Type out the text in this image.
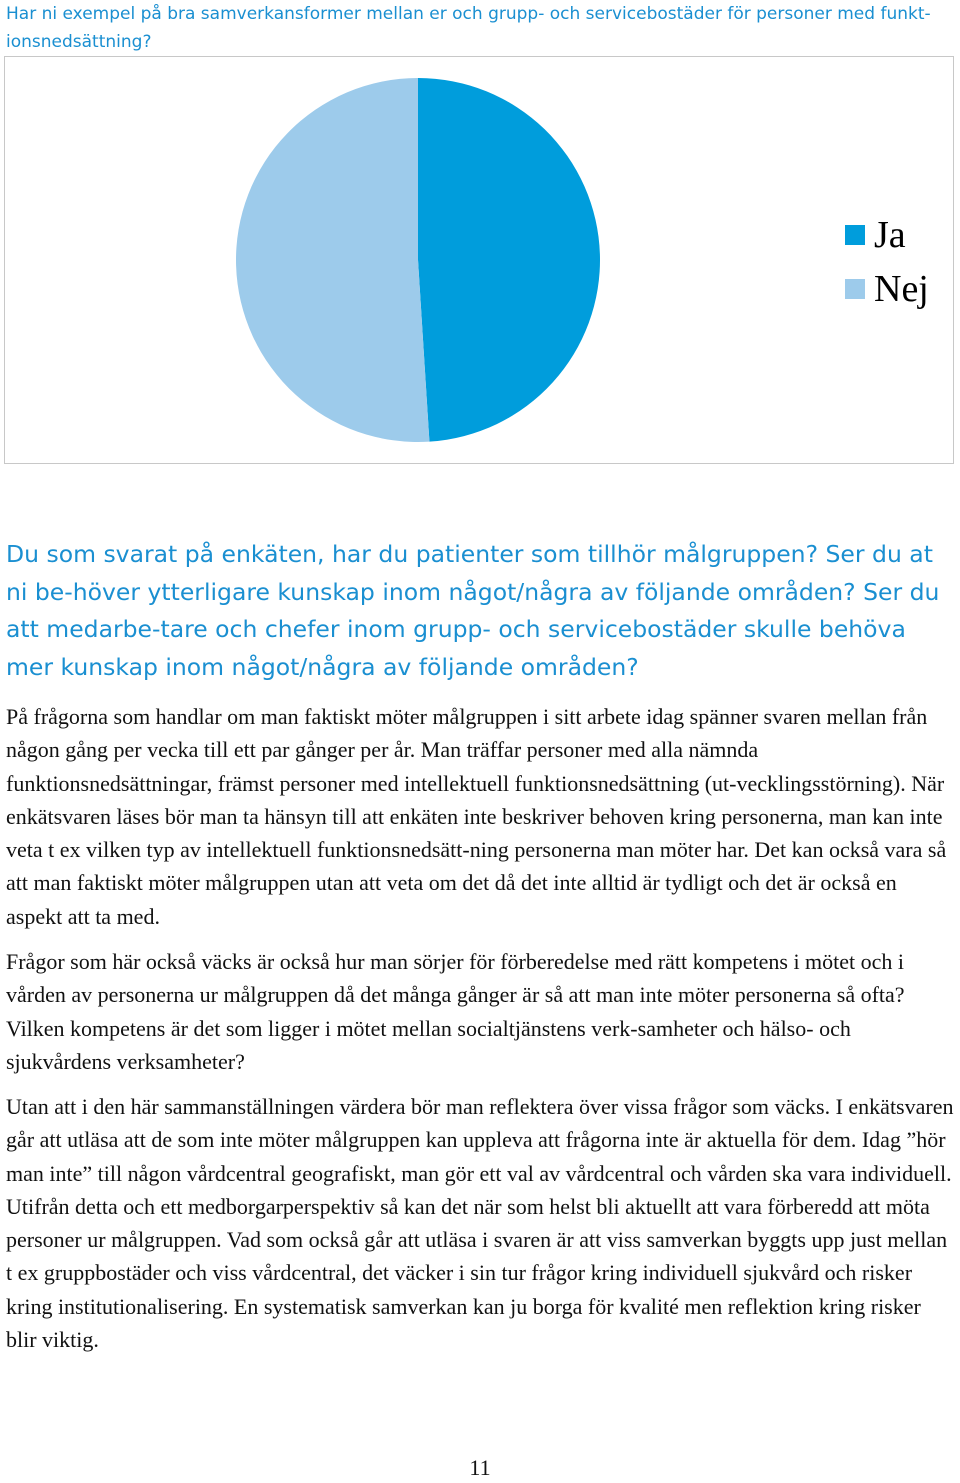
Har ni exempel på bra samverkansformer mellan er och grupp- och servicebostäder för personer med funkt-ionsnedsättning?
Ja
Nej
Du som svarat på enkäten, har du patienter som tillhör målgruppen? Ser du at ni be-höver ytterligare kunskap inom något/några av följande områden? Ser du att medarbe-tare och chefer inom grupp- och servicebostäder skulle behöva mer kunskap inom något/några av följande områden?
På frågorna som handlar om man faktiskt möter målgruppen i sitt arbete idag spänner svaren mellan från någon gång per vecka till ett par gånger per år. Man träffar personer med alla nämnda funktionsnedsättningar, främst personer med intellektuell funktionsnedsättning (ut-vecklingsstörning). När enkätsvaren läses bör man ta hänsyn till att enkäten inte beskriver behoven kring personerna, man kan inte veta t ex vilken typ av intellektuell funktionsnedsätt-ning personerna man möter har. Det kan också vara så att man faktiskt möter målgruppen utan att veta om det då det inte alltid är tydligt och det är också en aspekt att ta med.
Frågor som här också väcks är också hur man sörjer för förberedelse med rätt kompetens i mötet och i vården av personerna ur målgruppen då det många gånger är så att man inte möter personerna så ofta? Vilken kompetens är det som ligger i mötet mellan socialtjänstens verk-samheter och hälso- och sjukvårdens verksamheter?
Utan att i den här sammanställningen värdera bör man reflektera över vissa frågor som väcks. I enkätsvaren går att utläsa att de som inte möter målgruppen kan uppleva att frågorna inte är aktuella för dem. Idag ”hör man inte” till någon vårdcentral geografiskt, man gör ett val av vårdcentral och vården ska vara individuell. Utifrån detta och ett medborgarperspektiv så kan det när som helst bli aktuellt att vara förberedd att möta personer ur målgruppen. Vad som också går att utläsa i svaren är att viss samverkan byggts upp just mellan t ex gruppbostäder och viss vårdcentral, det väcker i sin tur frågor kring individuell sjukvård och risker kring institutionalisering. En systematisk samverkan kan ju borga för kvalité men reflektion kring risker blir viktig.
11
